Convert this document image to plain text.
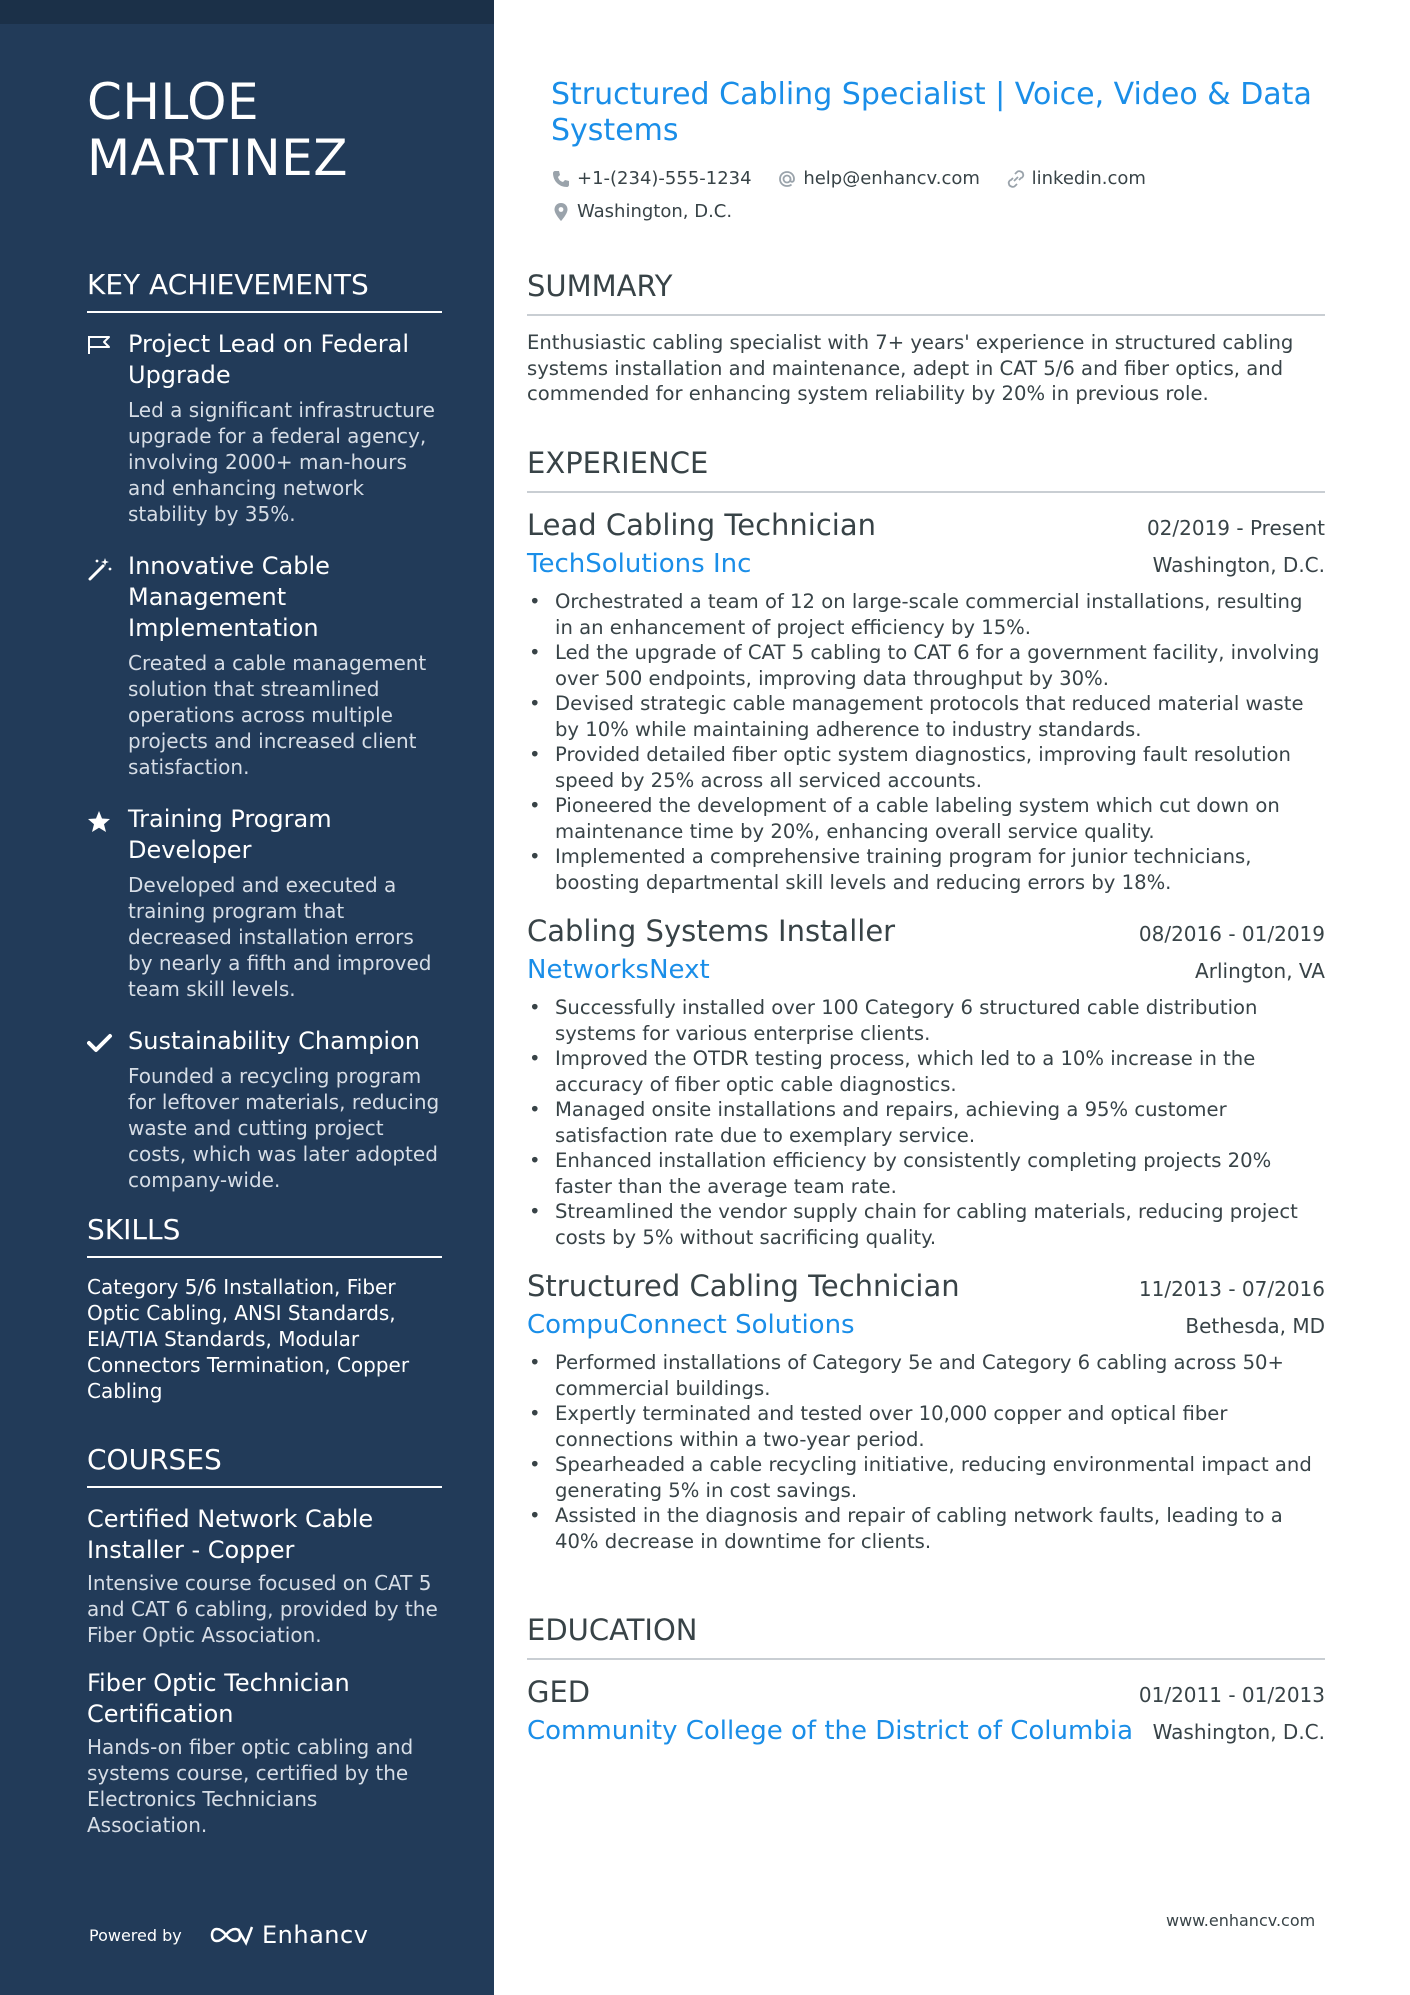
CHLOE
MARTINEZ
KEY ACHIEVEMENTS
Project Lead on Federal Upgrade
Led a significant infrastructure upgrade for a federal agency, involving 2000+ man-hours and enhancing network stability by 35%.
Innovative Cable Management Implementation
Created a cable management solution that streamlined operations across multiple projects and increased client satisfaction.
Training Program Developer
Developed and executed a training program that decreased installation errors by nearly a fifth and improved team skill levels.
Sustainability Champion
Founded a recycling program for leftover materials, reducing waste and cutting project costs, which was later adopted company-wide.
SKILLS
Category 5/6 Installation, Fiber Optic Cabling, ANSI Standards, EIA/TIA Standards, Modular Connectors Termination, Copper Cabling
COURSES
Certified Network Cable Installer - Copper
Intensive course focused on CAT 5 and CAT 6 cabling, provided by the Fiber Optic Association.
Fiber Optic Technician Certification
Hands-on fiber optic cabling and systems course, certified by the Electronics Technicians Association.
Powered by	Enhancv
Structured Cabling Specialist | Voice, Video & Data Systems
+1-(234)-555-1234
	help@enhancv.com
	linkedin.com

Washington, D.C.
SUMMARY
Enthusiastic cabling specialist with 7+ years' experience in structured cabling systems installation and maintenance, adept in CAT 5/6 and fiber optics, and commended for enhancing system reliability by 20% in previous role.
EXPERIENCE
Lead Cabling Technician	02/2019 - Present
TechSolutions Inc	Washington, D.C.
• Orchestrated a team of 12 on large-scale commercial installations, resulting in an enhancement of project efficiency by 15%.
• Led the upgrade of CAT 5 cabling to CAT 6 for a government facility, involving over 500 endpoints, improving data throughput by 30%.
• Devised strategic cable management protocols that reduced material waste by 10% while maintaining adherence to industry standards.
• Provided detailed fiber optic system diagnostics, improving fault resolution speed by 25% across all serviced accounts.
• Pioneered the development of a cable labeling system which cut down on maintenance time by 20%, enhancing overall service quality.
• Implemented a comprehensive training program for junior technicians, boosting departmental skill levels and reducing errors by 18%.
Cabling Systems Installer	08/2016 - 01/2019
NetworksNext	Arlington, VA
• Successfully installed over 100 Category 6 structured cable distribution systems for various enterprise clients.
• Improved the OTDR testing process, which led to a 10% increase in the accuracy of fiber optic cable diagnostics.
• Managed onsite installations and repairs, achieving a 95% customer satisfaction rate due to exemplary service.
• Enhanced installation efficiency by consistently completing projects 20% faster than the average team rate.
• Streamlined the vendor supply chain for cabling materials, reducing project costs by 5% without sacrificing quality.
Structured Cabling Technician	11/2013 - 07/2016
CompuConnect Solutions	Bethesda, MD
• Performed installations of Category 5e and Category 6 cabling across 50+ commercial buildings.
• Expertly terminated and tested over 10,000 copper and optical fiber connections within a two-year period.
• Spearheaded a cable recycling initiative, reducing environmental impact and generating 5% in cost savings.
• Assisted in the diagnosis and repair of cabling network faults, leading to a 40% decrease in downtime for clients.
EDUCATION
GED	01/2011 - 01/2013
Community College of the District of Columbia Washington, D.C.
www.enhancv.com
